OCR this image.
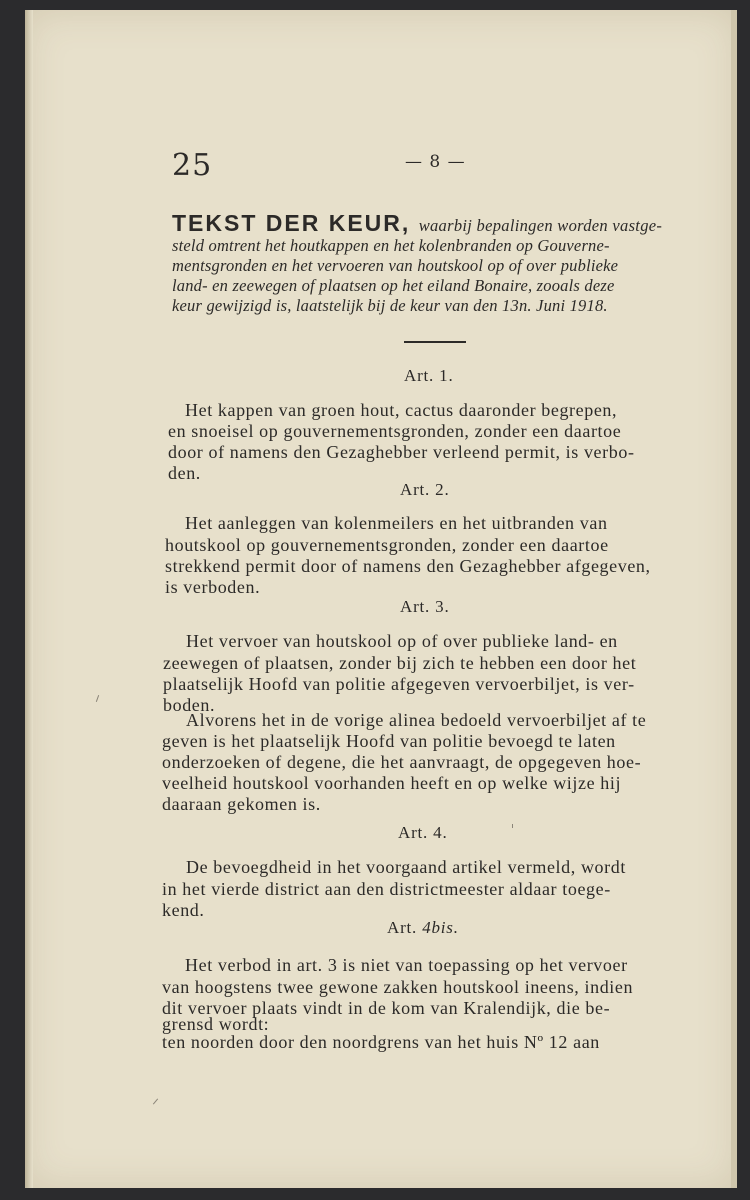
25	— 8 —

TEKST DER KEUR, waarbij bepalingen worden vastge-

steld omtrent het houtkappen en het kolenbranden op Gouverne-

mentsgronden en het vervoeren van houtskool op of over publieke

land- en zeewegen of plaatsen op het eiland Bonaire, zooals deze

keur gewijzigd is, laatstelijk bij de keur van den 13n. Juni 1918.

Art. 1.

Het kappen van groen hout, cactus daaronder begrepen,

en snoeisel op gouvernementsgronden, zonder een daartoe

door of namens den Gezaghebber verleend permit, is verbo-

den.

Art. 2.

Het aanleggen van kolenmeilers en het uitbranden van

houtskool op gouvernementsgronden, zonder een daartoe

strekkend permit door of namens den Gezaghebber afgegeven,

is verboden.

Art. 3.

Het vervoer van houtskool op of over publieke land- en

zeewegen of plaatsen, zonder bij zich te hebben een door het

plaatselijk Hoofd van politie afgegeven vervoerbiljet, is ver-

boden.

Alvorens het in de vorige alinea bedoeld vervoerbiljet af te

geven is het plaatselijk Hoofd van politie bevoegd te laten

onderzoeken of degene, die het aanvraagt, de opgegeven hoe-

veelheid houtskool voorhanden heeft en op welke wijze hij

daaraan gekomen is.

Art. 4.

De bevoegdheid in het voorgaand artikel vermeld, wordt

in het vierde district aan den districtmeester aldaar toege-

kend.

Art. 4bis.

Het verbod in art. 3 is niet van toepassing op het vervoer

van hoogstens twee gewone zakken houtskool ineens, indien

dit vervoer plaats vindt in de kom van Kralendijk, die be-

grensd wordt:

ten noorden door den noordgrens van het huis Nº 12 aan
